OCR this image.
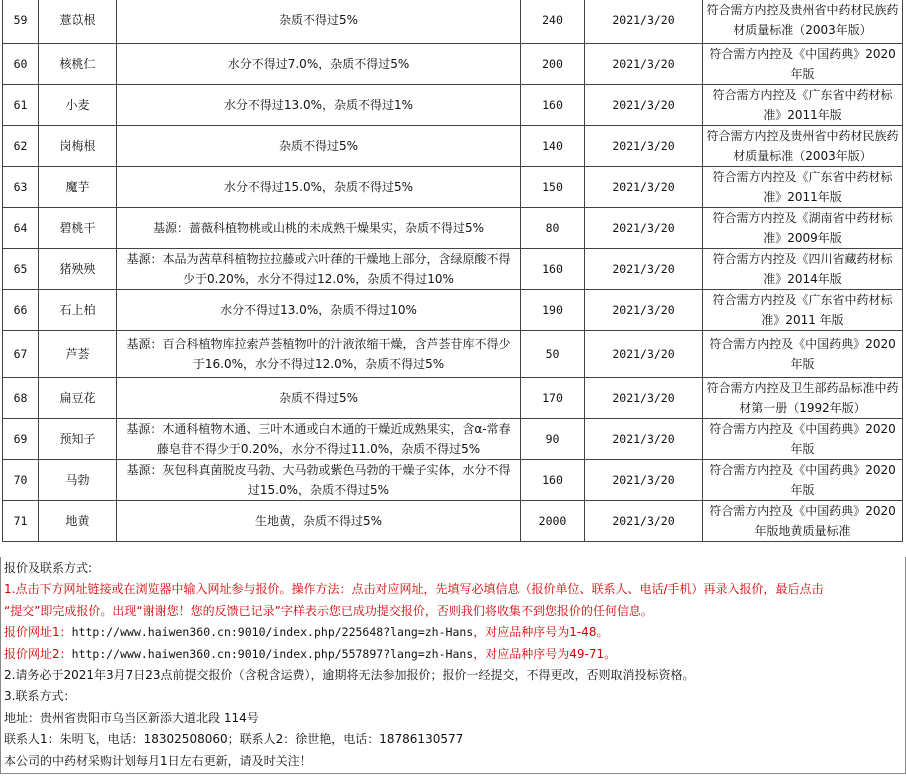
59	薏苡根	杂质不得过5%	240	2021/3/20	符合需方内控及贵州省中药材民族药材质量标准（2003年版）
60	核桃仁	水分不得过7.0%，杂质不得过5%	200	2021/3/20	符合需方内控及《中国药典》2020年版
61	小麦	水分不得过13.0%，杂质不得过1%	160	2021/3/20	符合需方内控及《广东省中药材标准》2011年版
62	岗梅根	杂质不得过5%	140	2021/3/20	符合需方内控及贵州省中药材民族药材质量标准（2003年版）
63	魔芋	水分不得过15.0%，杂质不得过5%	150	2021/3/20	符合需方内控及《广东省中药材标准》2011年版
64	碧桃干	基源：蔷薇科植物桃或山桃的未成熟干燥果实，杂质不得过5%	80	2021/3/20	符合需方内控及《湖南省中药材标准》2009年版
65	猪殃殃	基源：本品为茜草科植物拉拉藤或六叶葎的干燥地上部分，含绿原酸不得少于0.20%，水分不得过12.0%，杂质不得过10%	160	2021/3/20	符合需方内控及《四川省藏药材标准》2014年版
66	石上柏	水分不得过13.0%，杂质不得过10%	190	2021/3/20	符合需方内控及《广东省中药材标准》2011 年版
67	芦荟	基源：百合科植物库拉索芦荟植物叶的汁液浓缩干燥，含芦荟苷库不得少于16.0%，水分不得过12.0%，杂质不得过5%	50	2021/3/20	符合需方内控及《中国药典》2020年版
68	扁豆花	杂质不得过5%	170	2021/3/20	符合需方内控及卫生部药品标准中药材第一册（1992年版）
69	预知子	基源：木通科植物木通、三叶木通或白木通的干燥近成熟果实，含α-常春藤皂苷不得少于0.20%，水分不得过11.0%，杂质不得过5%	90	2021/3/20	符合需方内控及《中国药典》2020年版
70	马勃	基源：灰包科真菌脱皮马勃、大马勃或紫色马勃的干燥子实体，水分不得过15.0%，杂质不得过5%	160	2021/3/20	符合需方内控及《中国药典》2020年版
71	地黄	生地黄，杂质不得过5%	2000	2021/3/20	符合需方内控及《中国药典》2020年版地黄质量标准
报价及联系方式:
1.点击下方网址链接或在浏览器中输入网址参与报价。操作方法：点击对应网址，先填写必填信息（报价单位、联系人、电话/手机）再录入报价，最后点击
“提交”即完成报价。出现“谢谢您！您的反馈已记录”字样表示您已成功提交报价，否则我们将收集不到您报价的任何信息。
报价网址1：http://www.haiwen360.cn:9010/index.php/225648?lang=zh-Hans，对应品种序号为1-48。
报价网址2：http://www.haiwen360.cn:9010/index.php/557897?lang=zh-Hans，对应品种序号为49-71。
2.请务必于2021年3月7日23点前提交报价（含税含运费），逾期将无法参加报价；报价一经提交，不得更改，否则取消投标资格。
3.联系方式：
地址：贵州省贵阳市乌当区新添大道北段 114号
联系人1：朱明飞，电话：18302508060；联系人2：徐世艳，电话：18786130577
本公司的中药材采购计划每月1日左右更新，请及时关注！
